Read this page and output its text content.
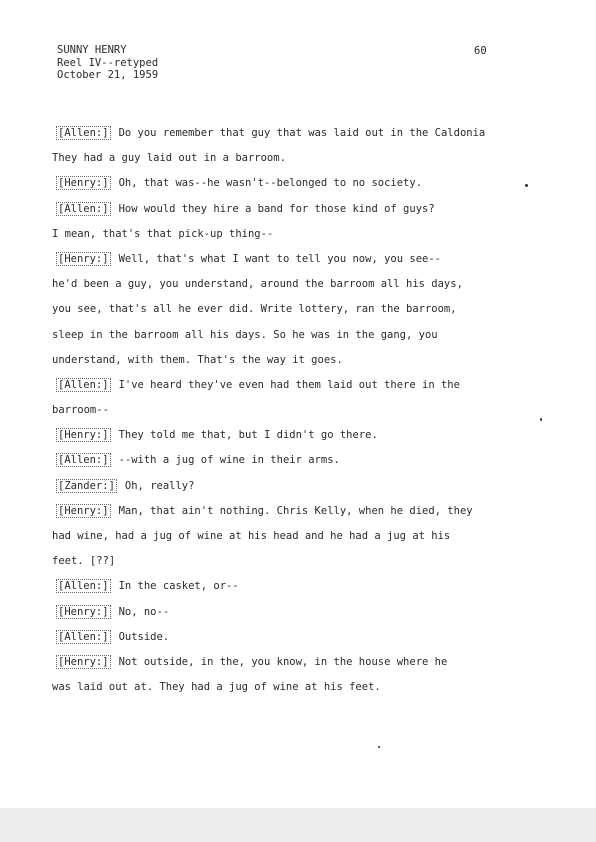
SUNNY HENRY
Reel IV--retyped
October 21, 1959
60
[Allen:] Do you remember that guy that was laid out in the Caldonia
They had a guy laid out in a barroom.
[Henry:] Oh, that was--he wasn't--belonged to no society.
[Allen:] How would they hire a band for those kind of guys?
I mean, that's that pick-up thing--
[Henry:] Well, that's what I want to tell you now, you see--
he'd been a guy, you understand, around the barroom all his days,
you see, that's all he ever did. Write lottery, ran the barroom,
sleep in the barroom all his days. So he was in the gang, you
understand, with them. That's the way it goes.
[Allen:] I've heard they've even had them laid out there in the
barroom--
[Henry:] They told me that, but I didn't go there.
[Allen:] --with a jug of wine in their arms.
[Zander:] Oh, really?
[Henry:] Man, that ain't nothing. Chris Kelly, when he died, they
had wine, had a jug of wine at his head and he had a jug at his
feet. [??]
[Allen:] In the casket, or--
[Henry:] No, no--
[Allen:] Outside.
[Henry:] Not outside, in the, you know, in the house where he
was laid out at. They had a jug of wine at his feet.
